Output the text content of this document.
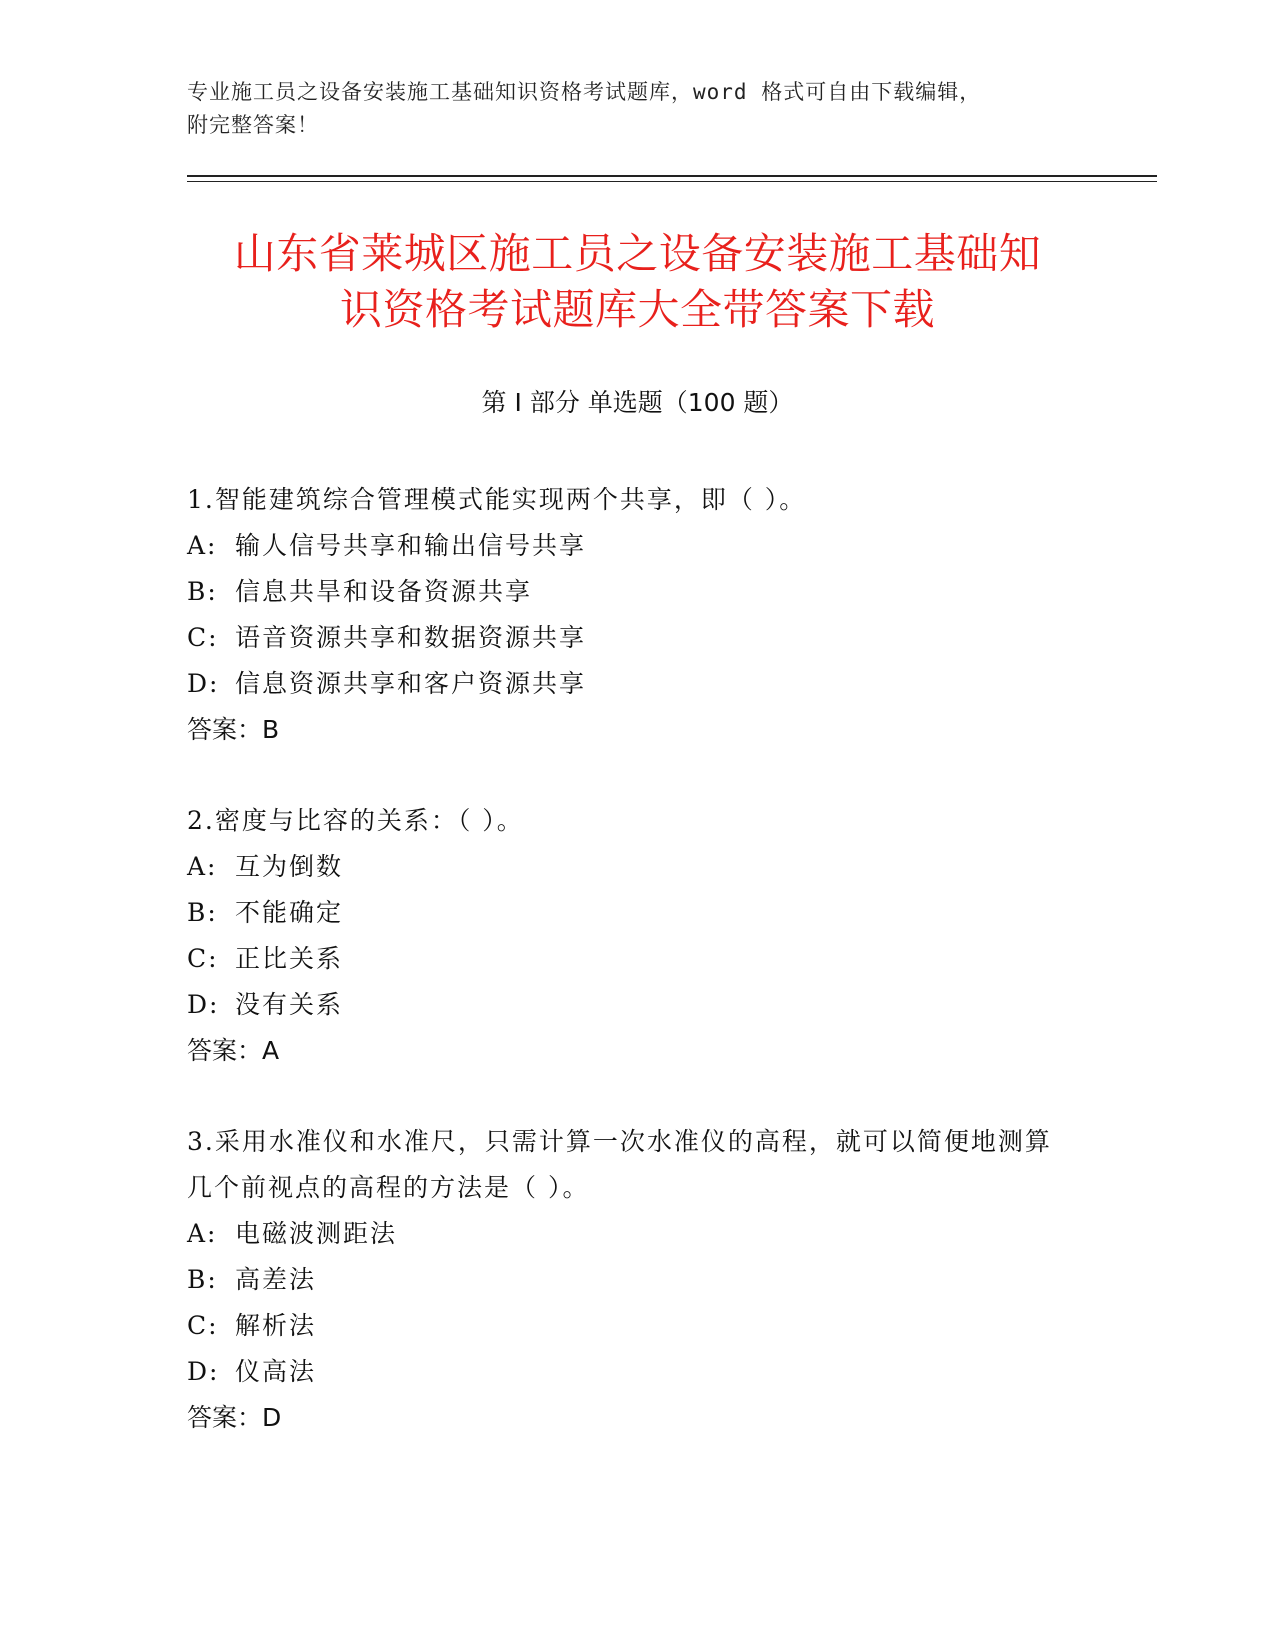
专业施工员之设备安装施工基础知识资格考试题库，word 格式可自由下载编辑，
附完整答案！
山东省莱城区施工员之设备安装施工基础知
识资格考试题库大全带答案下载
第 I 部分 单选题（100 题）
1.智能建筑综合管理模式能实现两个共享，即（ ）。
A: 输人信号共享和输出信号共享
B: 信息共旱和设备资源共享
C: 语音资源共享和数据资源共享
D: 信息资源共享和客户资源共享
答案：B
2.密度与比容的关系：（ ）。
A: 互为倒数
B: 不能确定
C: 正比关系
D: 没有关系
答案：A
3.采用水准仪和水准尺，只需计算一次水准仪的高程，就可以简便地测算几个前视点的高程的方法是（ ）。
A: 电磁波测距法
B: 高差法
C: 解析法
D: 仪高法
答案：D
